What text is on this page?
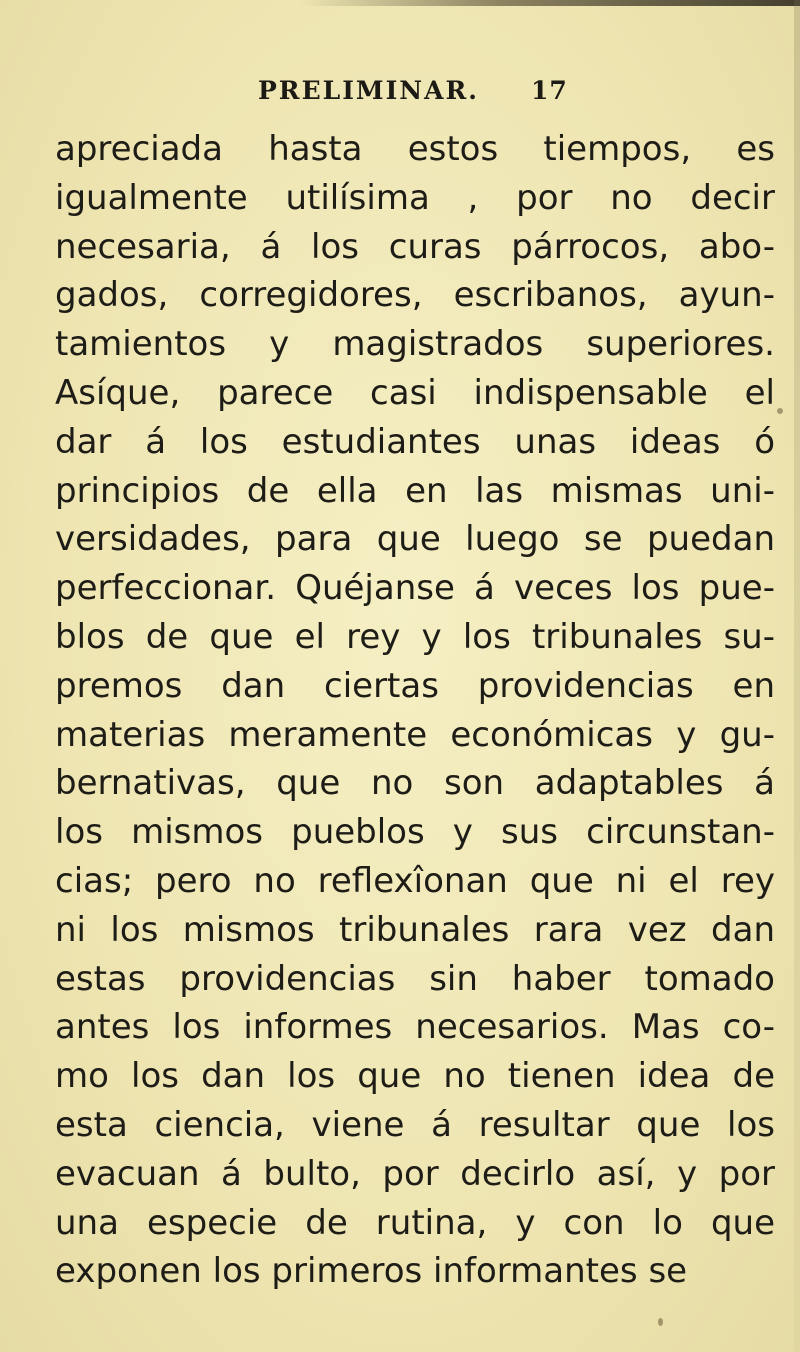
PRELIMINAR. 17
apreciada hasta estos tiempos, es
igualmente utilísima , por no decir
necesaria, á los curas párrocos, abo-
gados, corregidores, escribanos, ayun-
tamientos y magistrados superiores.
Asíque, parece casi indispensable el
dar á los estudiantes unas ideas ó
principios de ella en las mismas uni-
versidades, para que luego se puedan
perfeccionar. Quéjanse á veces los pue-
blos de que el rey y los tribunales su-
premos dan ciertas providencias en
materias meramente económicas y gu-
bernativas, que no son adaptables á
los mismos pueblos y sus circunstan-
cias; pero no reflexîonan que ni el rey
ni los mismos tribunales rara vez dan
estas providencias sin haber tomado
antes los informes necesarios. Mas co-
mo los dan los que no tienen idea de
esta ciencia, viene á resultar que los
evacuan á bulto, por decirlo así, y por
una especie de rutina, y con lo que
exponen los primeros informantes se
